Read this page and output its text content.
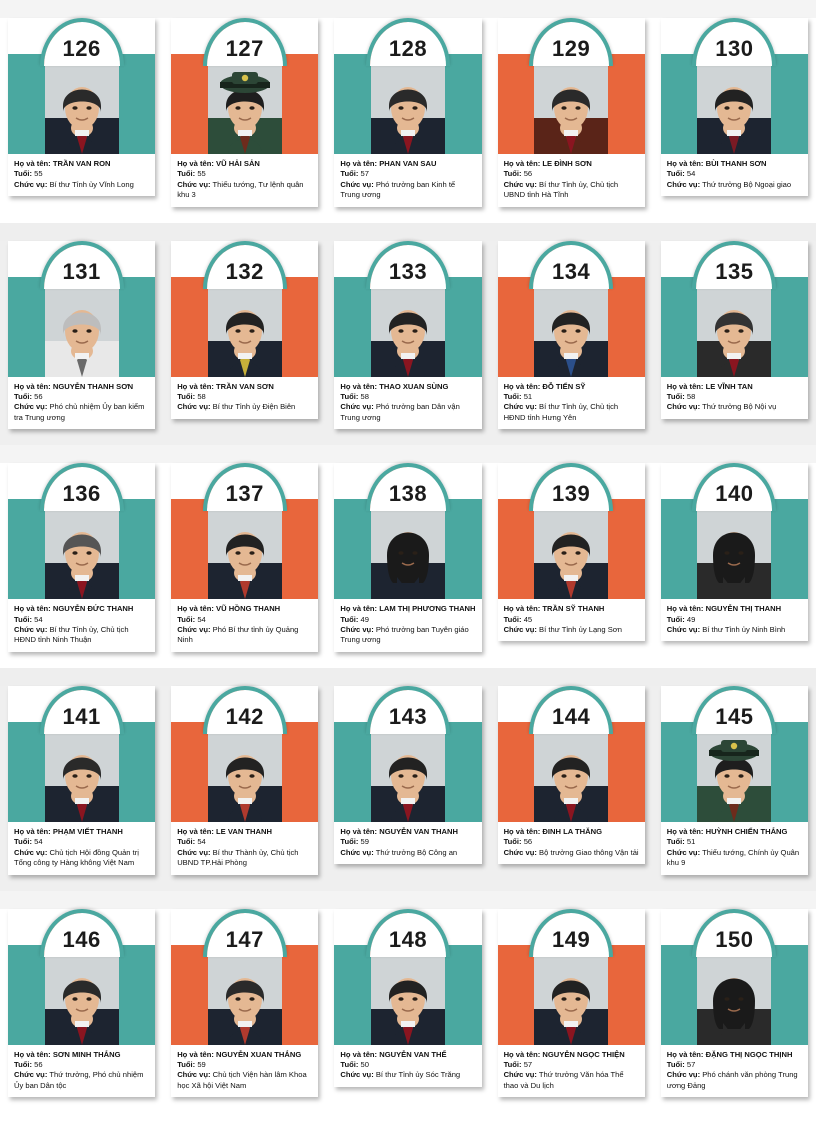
126

Họ và tên: TRẦN VAN RON

Tuổi: 55

Chức vụ: Bí thư Tỉnh ủy Vĩnh Long

127

Họ và tên: VŨ HẢI SẢN

Tuổi: 55

Chức vụ: Thiếu tướng, Tư lệnh quân khu 3

128

Họ và tên: PHAN VAN SAU

Tuổi: 57

Chức vụ: Phó trưởng ban Kinh tế Trung ương

129

Họ và tên: LE ĐÌNH SƠN

Tuổi: 56

Chức vụ: Bí thư Tỉnh ủy, Chủ tịch UBND tỉnh Hà Tĩnh

130

Họ và tên: BÙI THANH SƠN

Tuổi: 54

Chức vụ: Thứ trưởng Bộ Ngoại giao

131

Họ và tên: NGUYỄN THANH SƠN

Tuổi: 56

Chức vụ: Phó chủ nhiệm Ủy ban kiểm tra Trung ương

132

Họ và tên: TRẦN VAN SƠN

Tuổi: 58

Chức vụ: Bí thư Tỉnh ủy Điện Biên

133

Họ và tên: THAO XUAN SÙNG

Tuổi: 58

Chức vụ: Phó trưởng ban Dân vận Trung ương

134

Họ và tên: ĐỖ TIẾN SỸ

Tuổi: 51

Chức vụ: Bí thư Tỉnh ủy, Chủ tịch HĐND tỉnh Hưng Yên

135

Họ và tên: LE VĨNH TAN

Tuổi: 58

Chức vụ: Thứ trưởng Bộ Nội vụ

136

Họ và tên: NGUYỄN ĐỨC THANH

Tuổi: 54

Chức vụ: Bí thư Tỉnh ủy, Chủ tịch HĐND tỉnh Ninh Thuận

137

Họ và tên: VŨ HỒNG THANH

Tuổi: 54

Chức vụ: Phó Bí thư tỉnh ủy Quảng Ninh

138

Họ và tên: LAM THỊ PHƯƠNG THANH

Tuổi: 49

Chức vụ: Phó trưởng ban Tuyên giáo Trung ương

139

Họ và tên: TRẦN SỸ THANH

Tuổi: 45

Chức vụ: Bí thư Tỉnh ủy Lạng Sơn

140

Họ và tên: NGUYỄN THỊ THANH

Tuổi: 49

Chức vụ: Bí thư Tỉnh ủy Ninh Bình

141

Họ và tên: PHẠM VIẾT THANH

Tuổi: 54

Chức vụ: Chủ tịch Hội đồng Quản trị Tổng công ty Hàng không Việt Nam

142

Họ và tên: LE VAN THANH

Tuổi: 54

Chức vụ: Bí thư Thành ủy, Chủ tịch UBND TP.Hải Phòng

143

Họ và tên: NGUYỄN VAN THANH

Tuổi: 59

Chức vụ: Thứ trưởng Bộ Công an

144

Họ và tên: ĐINH LA THĂNG

Tuổi: 56

Chức vụ: Bộ trưởng Giao thông Vận tải

145

Họ và tên: HUỲNH CHIẾN THẮNG

Tuổi: 51

Chức vụ: Thiếu tướng, Chính ủy Quân khu 9

146

Họ và tên: SƠN MINH THẮNG

Tuổi: 56

Chức vụ: Thứ trưởng, Phó chủ nhiệm Ủy ban Dân tộc

147

Họ và tên: NGUYỄN XUAN THẮNG

Tuổi: 59

Chức vụ: Chủ tịch Viện hàn lâm Khoa học Xã hội Việt Nam

148

Họ và tên: NGUYỄN VAN THỂ

Tuổi: 50

Chức vụ: Bí thư Tỉnh ủy Sóc Trăng

149

Họ và tên: NGUYỄN NGỌC THIỆN

Tuổi: 57

Chức vụ: Thứ trưởng Văn hóa Thể thao và Du lịch

150

Họ và tên: ĐẶNG THỊ NGỌC THỊNH

Tuổi: 57

Chức vụ: Phó chánh văn phòng Trung ương Đảng
